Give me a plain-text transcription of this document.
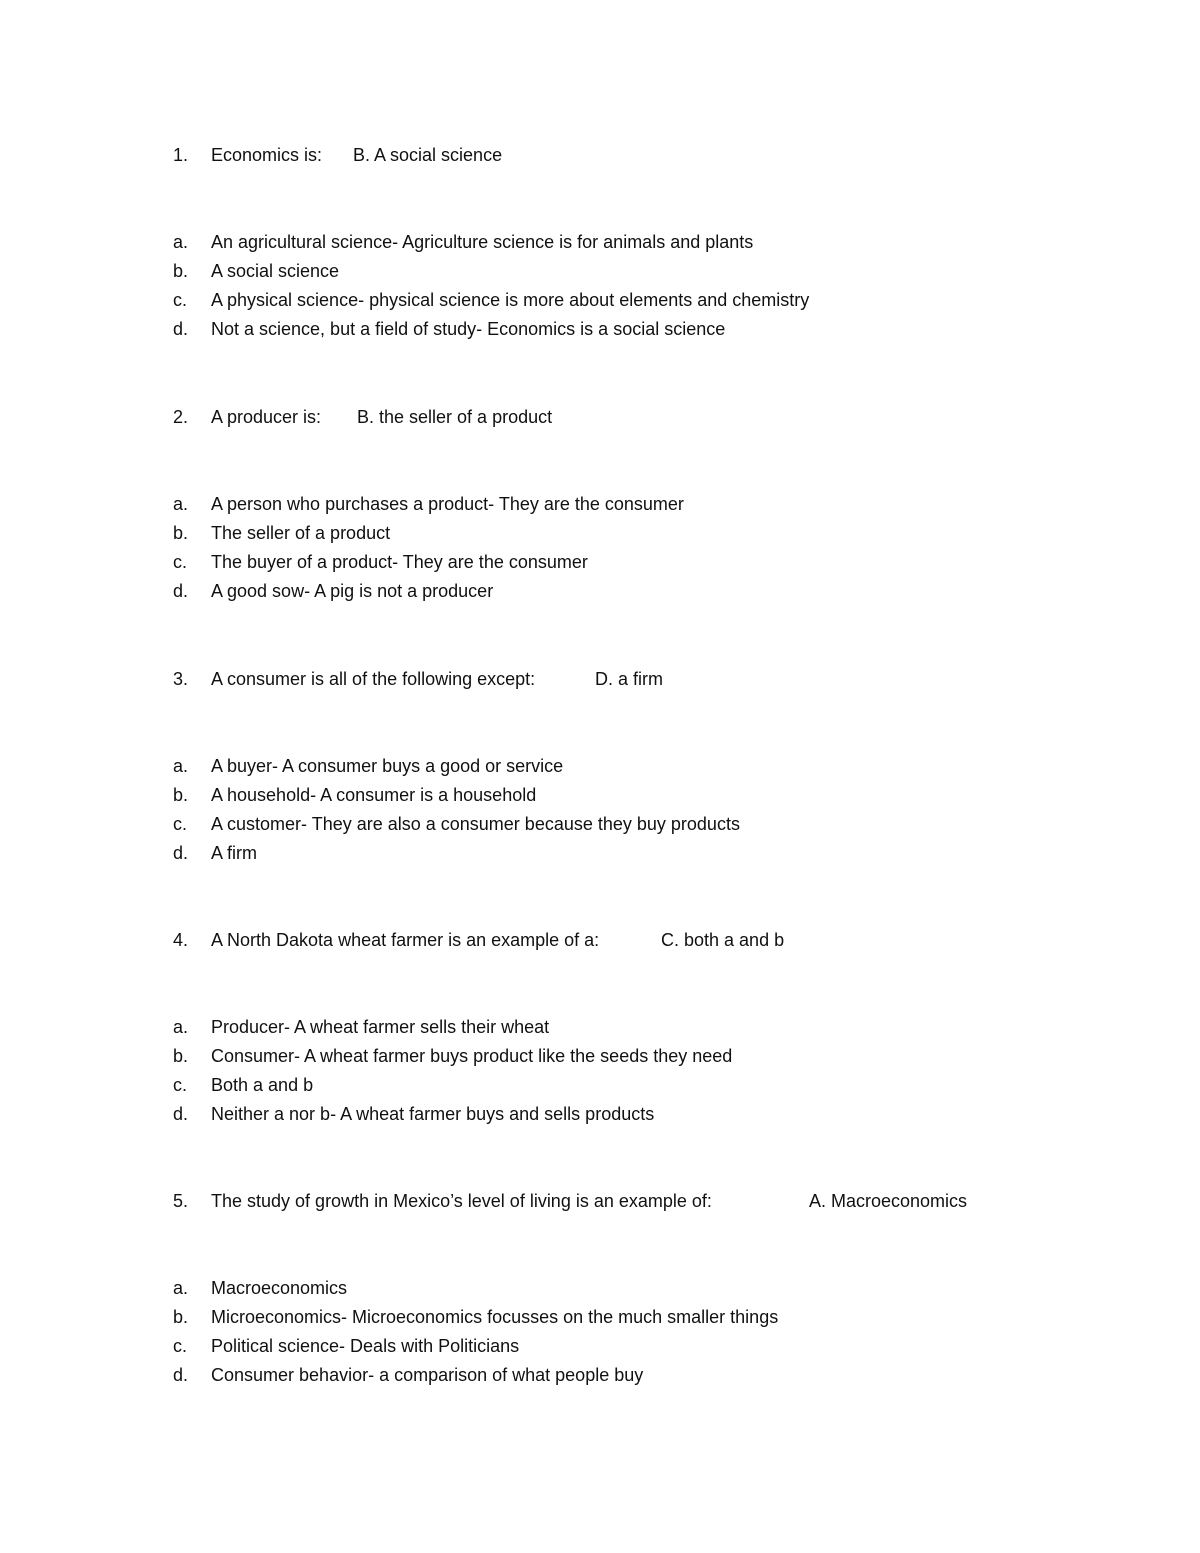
1. Economics is: B. A social science
a. An agricultural science- Agriculture science is for animals and plants
b. A social science
c. A physical science- physical science is more about elements and chemistry
d. Not a science, but a field of study- Economics is a social science
2. A producer is: B. the seller of a product
a. A person who purchases a product- They are the consumer
b. The seller of a product
c. The buyer of a product- They are the consumer
d. A good sow- A pig is not a producer
3. A consumer is all of the following except:	D. a firm
a. A buyer- A consumer buys a good or service
b. A household- A consumer is a household
c. A customer- They are also a consumer because they buy products
d. A firm
4. A North Dakota wheat farmer is an example of a:	C. both a and b
a. Producer- A wheat farmer sells their wheat
b. Consumer- A wheat farmer buys product like the seeds they need
c. Both a and b
d. Neither a nor b- A wheat farmer buys and sells products
5. The study of growth in Mexico’s level of living is an example of:	A. Macroeconomics
a. Macroeconomics
b. Microeconomics- Microeconomics focusses on the much smaller things
c. Political science- Deals with Politicians
d. Consumer behavior- a comparison of what people buy
